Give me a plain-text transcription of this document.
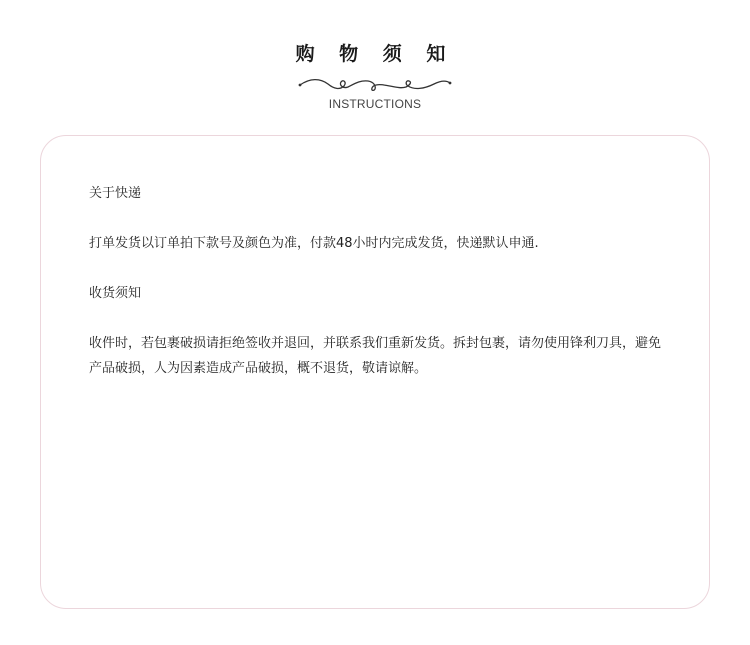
购 物 须 知
INSTRUCTIONS

关于快递

打单发货以订单拍下款号及颜色为准，付款48小时内完成发货，快递默认申通.

收货须知

收件时，若包裹破损请拒绝签收并退回，并联系我们重新发货。拆封包裹，请勿使用锋利刀具，避免产品破损，人为因素造成产品破损，概不退货，敬请谅解。
